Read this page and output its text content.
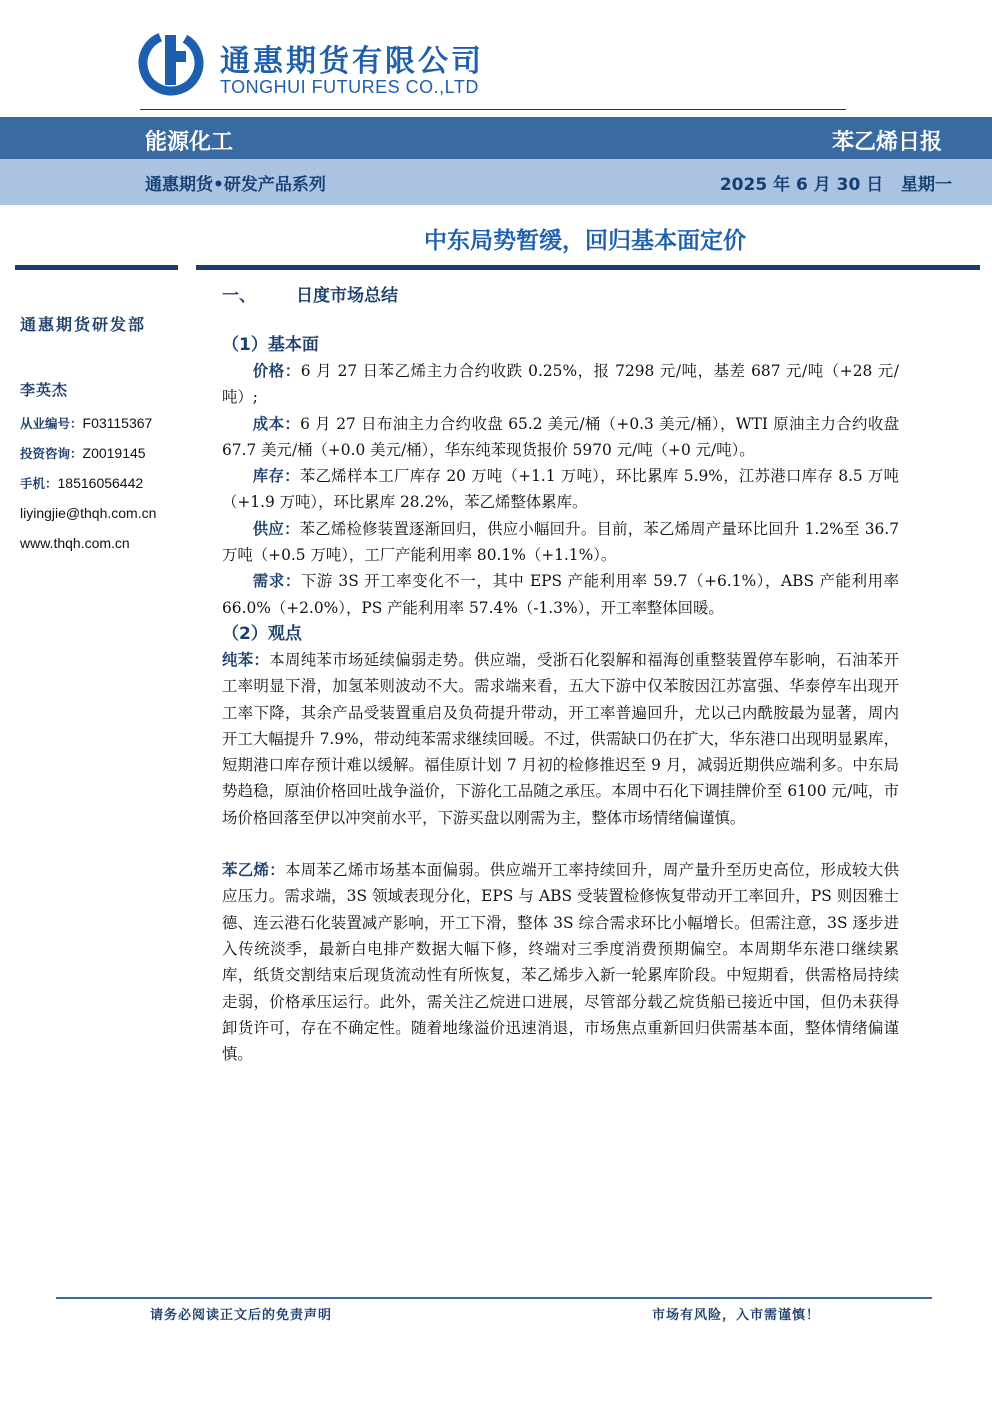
通惠期货有限公司
TONGHUI FUTURES CO.,LTD
能源化工	苯乙烯日报
通惠期货•研发产品系列	2025 年 6 月 30 日   星期一
中东局势暂缓，回归基本面定价
通惠期货研发部
李英杰
从业编号：F03115367
投资咨询：Z0019145
手机：18516056442
liyingjie@thqh.com.cn
www.thqh.com.cn
一、 日度市场总结
（1）基本面
价格：6 月 27 日苯乙烯主力合约收跌 0.25%，报 7298 元/吨，基差 687 元/吨（+28 元/吨）;
成本：6 月 27 日布油主力合约收盘 65.2 美元/桶（+0.3 美元/桶），WTI 原油主力合约收盘 67.7 美元/桶（+0.0 美元/桶），华东纯苯现货报价 5970 元/吨（+0 元/吨）。
库存：苯乙烯样本工厂库存 20 万吨（+1.1 万吨），环比累库 5.9%，江苏港口库存 8.5 万吨（+1.9 万吨），环比累库 28.2%，苯乙烯整体累库。
供应：苯乙烯检修装置逐渐回归，供应小幅回升。目前，苯乙烯周产量环比回升 1.2%至 36.7 万吨（+0.5 万吨），工厂产能利用率 80.1%（+1.1%）。
需求：下游 3S 开工率变化不一，其中 EPS 产能利用率 59.7（+6.1%），ABS 产能利用率 66.0%（+2.0%），PS 产能利用率 57.4%（-1.3%），开工率整体回暖。
（2）观点
纯苯：本周纯苯市场延续偏弱走势。供应端，受浙石化裂解和福海创重整装置停车影响，石油苯开工率明显下滑，加氢苯则波动不大。需求端来看，五大下游中仅苯胺因江苏富强、华泰停车出现开工率下降，其余产品受装置重启及负荷提升带动，开工率普遍回升，尤以己内酰胺最为显著，周内开工大幅提升 7.9%，带动纯苯需求继续回暖。不过，供需缺口仍在扩大，华东港口出现明显累库，短期港口库存预计难以缓解。福佳原计划 7 月初的检修推迟至 9 月，减弱近期供应端利多。中东局势趋稳，原油价格回吐战争溢价，下游化工品随之承压。本周中石化下调挂牌价至 6100 元/吨，市场价格回落至伊以冲突前水平，下游买盘以刚需为主，整体市场情绪偏谨慎。
苯乙烯：本周苯乙烯市场基本面偏弱。供应端开工率持续回升，周产量升至历史高位，形成较大供应压力。需求端，3S 领域表现分化，EPS 与 ABS 受装置检修恢复带动开工率回升，PS 则因雅士德、连云港石化装置减产影响，开工下滑，整体 3S 综合需求环比小幅增长。但需注意，3S 逐步进入传统淡季，最新白电排产数据大幅下修，终端对三季度消费预期偏空。本周期华东港口继续累库，纸货交割结束后现货流动性有所恢复，苯乙烯步入新一轮累库阶段。中短期看，供需格局持续走弱，价格承压运行。此外，需关注乙烷进口进展，尽管部分载乙烷货船已接近中国，但仍未获得卸货许可，存在不确定性。随着地缘溢价迅速消退，市场焦点重新回归供需基本面，整体情绪偏谨慎。
请务必阅读正文后的免责声明	市场有风险，入市需谨慎！
